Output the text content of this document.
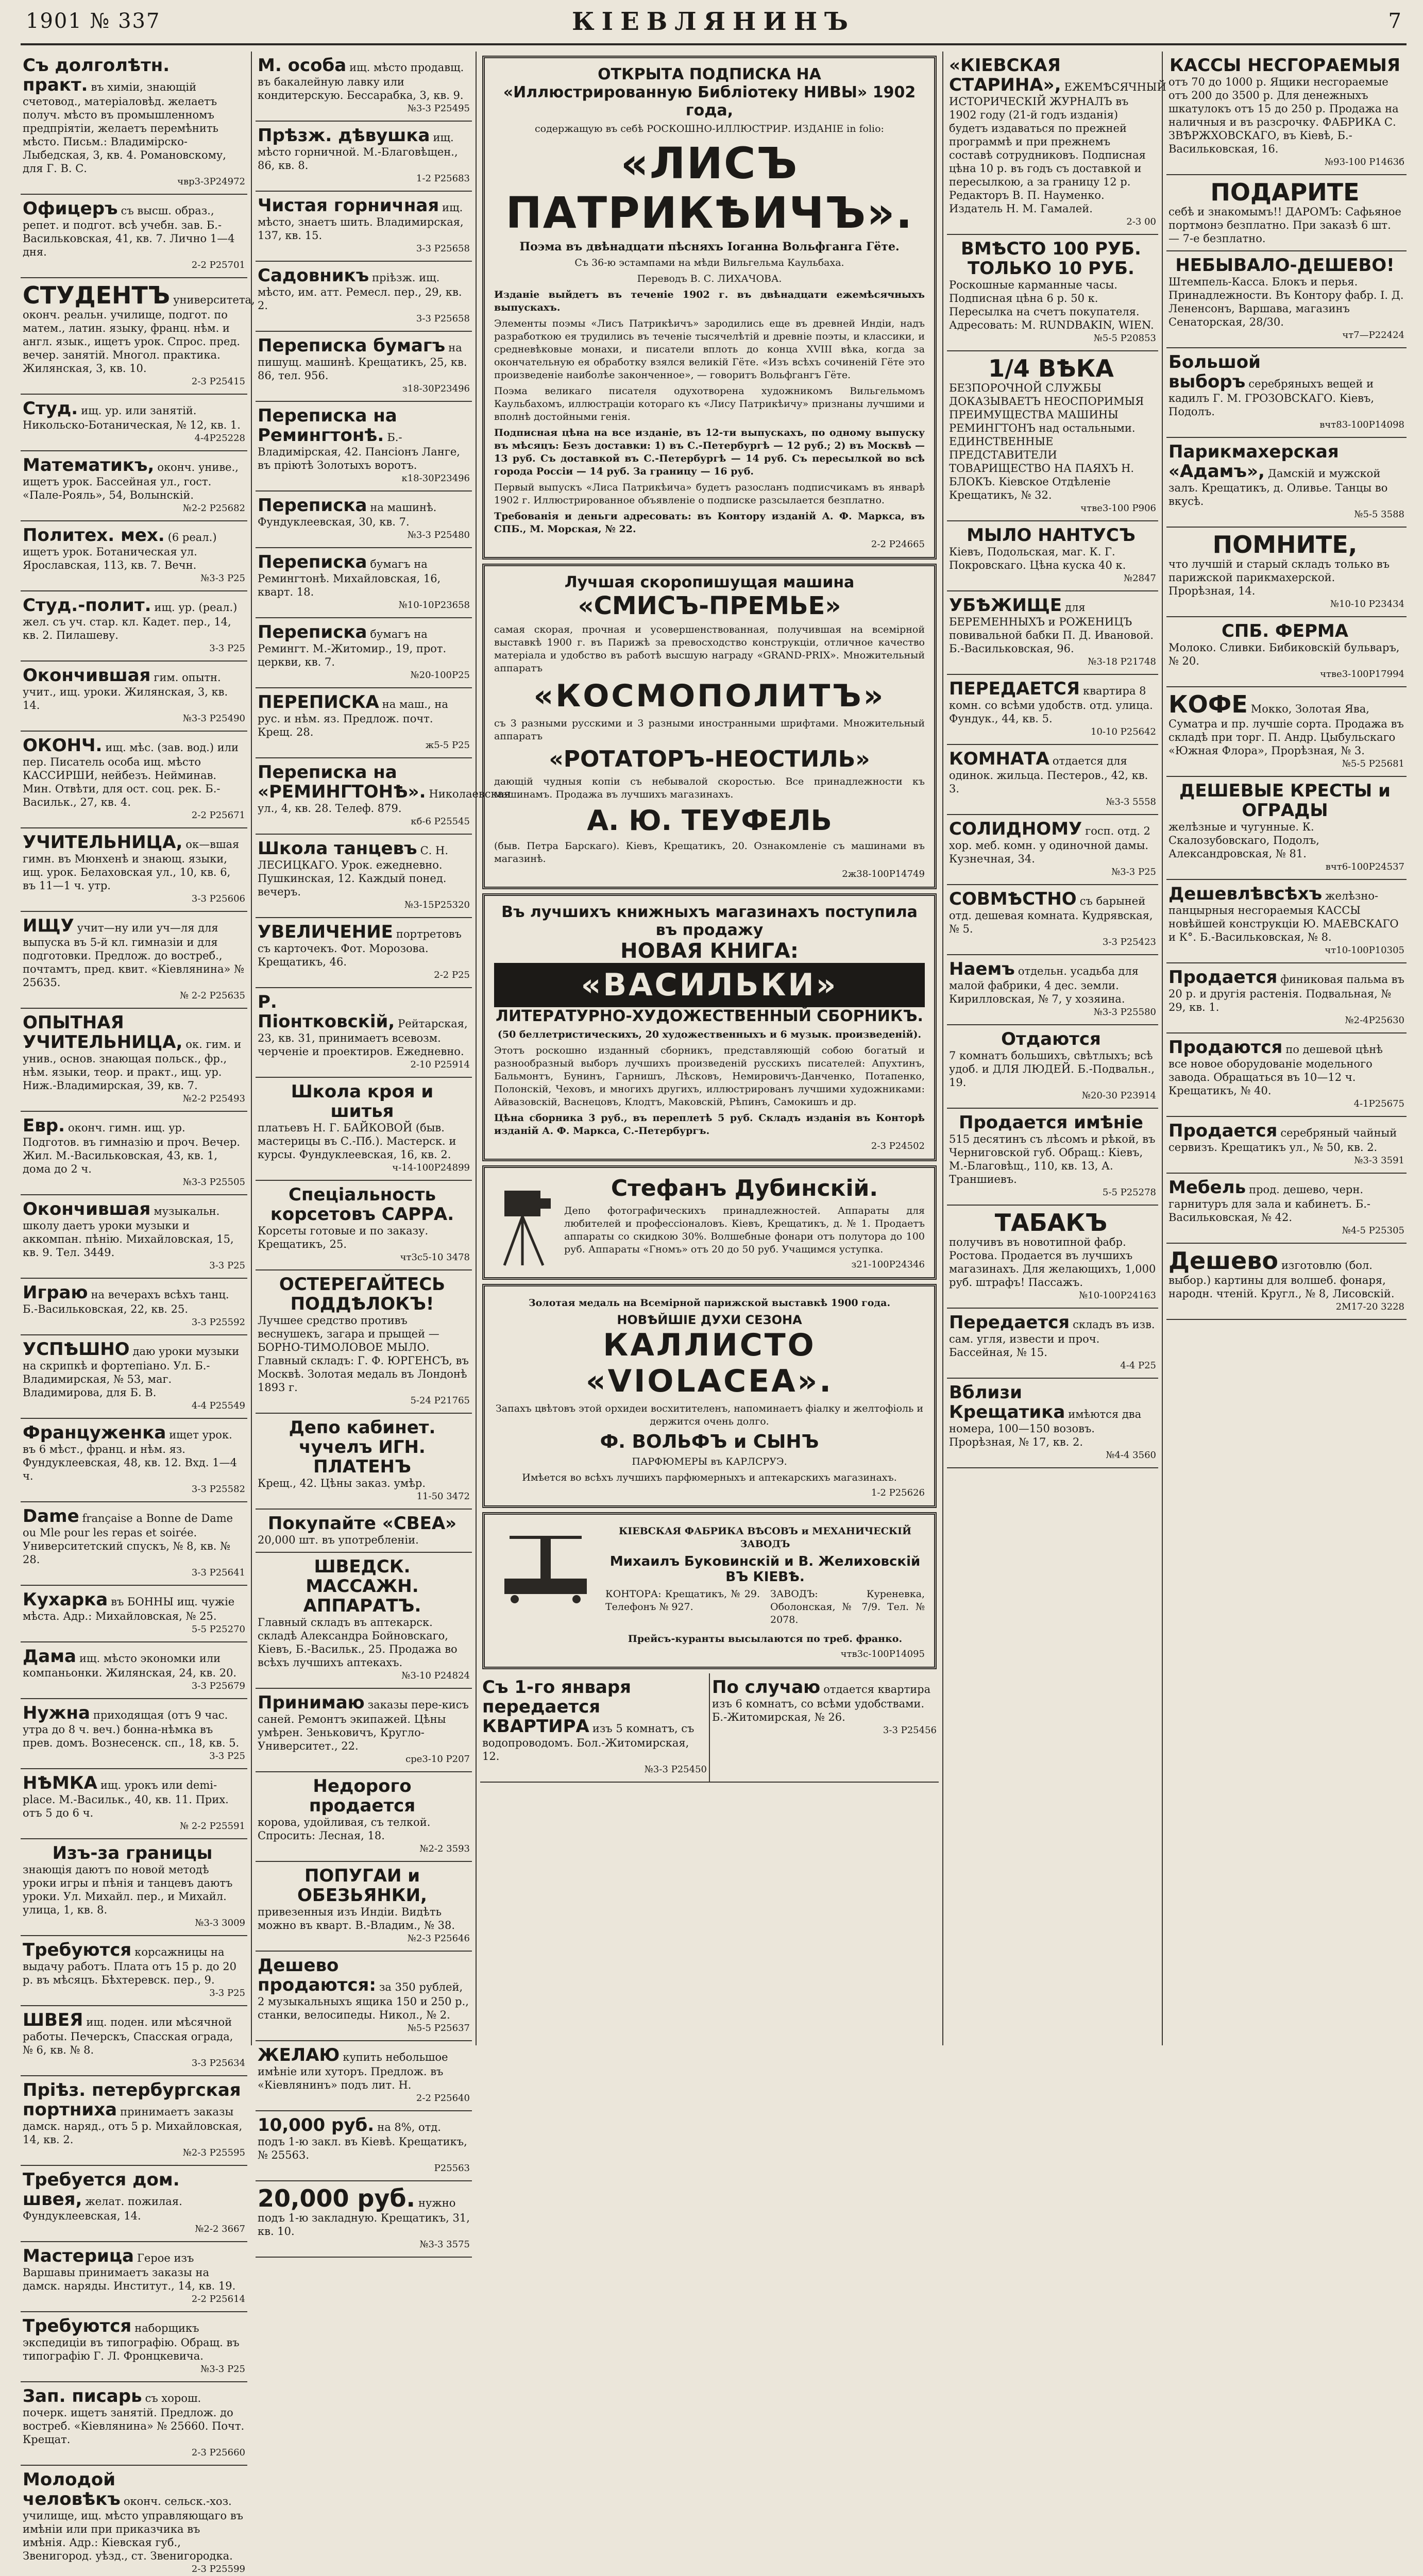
1901 № 337	КІЕВЛЯНИНЪ	7
Съ долголѣтн. практ. въ химіи, знающій счетовод., матеріаловѣд. желаетъ получ. мѣсто въ промышленномъ предпріятіи, желаетъ перемѣнить мѣсто. Письм.: Владимірско-Лыбедская, 3, кв. 4. Романовскому, для Г. В. С.
чвр3-3Р24972
Офицеръ съ высш. образ., репет. и подгот. всѣ учебн. зав. Б.-Васильковская, 41, кв. 7. Лично 1—4 дня.
2-2 Р25701
СТУДЕНТЪ университета, оконч. реальн. училище, подгот. по матем., латин. языку, франц. нѣм. и англ. язык., ищетъ урок. Спрос. пред. вечер. занятій. Многол. практика. Жилянская, 3, кв. 10.
2-3 Р25415
Студ. ищ. ур. или занятій. Никольско-Ботаническая, № 12, кв. 1.
4-4Р25228
Математикъ, оконч. униве., ищетъ урок. Бассейная ул., гост. «Пале-Рояль», 54, Волынскій.
№2-2 Р25682
Политех. мех. (6 реал.) ищетъ урок. Ботаническая ул. Ярославская, 113, кв. 7. Вечн.
№3-3 Р25
Студ.-полит. ищ. ур. (реал.) жел. съ уч. стар. кл. Кадет. пер., 14, кв. 2. Пилашеву.
3-3 Р25
Окончившая гим. опытн. учит., ищ. уроки. Жилянская, 3, кв. 14.
№3-3 Р25490
ОКОНЧ. ищ. мѣс. (зав. вод.) или пер. Писатель особа ищ. мѣсто КАССИРШИ, нейбезъ. Нейминав. Мин. Отвѣти, для ост. соц. рек. Б.-Васильк., 27, кв. 4.
2-2 Р25671
УЧИТЕЛЬНИЦА, ок—вшая гимн. въ Мюнхенѣ и знающ. языки, ищ. урок. Белаховская ул., 10, кв. 6, въ 11—1 ч. утр.
3-3 Р25606
ИЩУ учит—ну или уч—ля для выпуска въ 5-й кл. гимназіи и для подготовки. Предлож. до востреб., почтамтъ, пред. квит. «Кіевлянина» № 25635.
№ 2-2 Р25635
ОПЫТНАЯ УЧИТЕЛЬНИЦА, ок. гим. и унив., основ. знающая польск., фр., нѣм. языки, теор. и практ., ищ. ур. Ниж.-Владимирская, 39, кв. 7.
№2-2 Р25493
Евр. оконч. гимн. ищ. ур. Подготов. въ гимназію и проч. Вечер. Жил. М.-Васильковская, 43, кв. 1, дома до 2 ч.
№3-3 Р25505
Окончившая музыкальн. школу даетъ уроки музыки и аккомпан. пѣнію. Михайловская, 15, кв. 9. Тел. 3449.
3-3 Р25
Играю на вечерахъ всѣхъ танц. Б.-Васильковская, 22, кв. 25.
3-3 Р25592
УСПѢШНО даю уроки музыки на скрипкѣ и фортепіано. Ул. Б.-Владимирская, № 53, маг. Владимирова, для Б. В.
4-4 Р25549
Француженка ищет урок. въ 6 мѣст., франц. и нѣм. яз. Фундуклеевская, 48, кв. 12. Вхд. 1—4 ч.
3-3 Р25582
Dame française a Bonne de Dame ou Mle pour les repas et soirée. Университетский спускъ, № 8, кв. № 28.
3-3 Р25641
Кухарка въ БОННЫ ищ. чужіе мѣста. Адр.: Михайловская, № 25.
5-5 Р25270
Дама ищ. мѣсто экономки или компаньонки. Жилянская, 24, кв. 20.
3-3 Р25679
Нужна приходящая (отъ 9 час. утра до 8 ч. веч.) бонна-нѣмка въ прев. домъ. Вознесенск. сп., 18, кв. 5.
3-3 Р25
НѢМКА ищ. урокъ или demi-place. М.-Васильк., 40, кв. 11. Прих. отъ 5 до 6 ч.
№ 2-2 Р25591
Изъ-за границы
знающія даютъ по новой методѣ уроки игры и пѣнія и танцевъ даютъ уроки. Ул. Михайл. пер., и Михайл. улица, 1, кв. 8.
№3-3 3009
Требуются корсажницы на выдачу работъ. Плата отъ 15 р. до 20 р. въ мѣсяцъ. Бѣхтеревск. пер., 9.
3-3 Р25
ШВЕЯ ищ. поден. или мѣсячной работы. Печерскъ, Спасская ограда, № 6, кв. № 8.
3-3 Р25634
Пріѣз. петербургская портниха принимаетъ заказы дамск. наряд., отъ 5 р. Михайловская, 14, кв. 2.
№2-3 Р25595
Требуется дом. швея, желат. пожилая. Фундуклеевская, 14.
№2-2 3667
Мастерица Герое изъ Варшавы принимаетъ заказы на дамск. наряды. Институт., 14, кв. 19.
2-2 Р25614
Требуются наборщикъ экспедиціи въ типографію. Обращ. въ типографію Г. Л. Фронцкевича.
№3-3 Р25
Зап. писарь съ хорош. почерк. ищетъ занятій. Предлож. до востреб. «Кіевлянина» № 25660. Почт. Крещат.
2-3 Р25660
Молодой человѣкъ оконч. сельск.-хоз. училище, ищ. мѣсто управляющаго въ имѣніи или при приказчика въ имѣнія. Адр.: Кіевская губ., Звенигород. уѣзд., ст. Звенигородка.
2-3 Р25599
М. особа ищ. мѣсто продавщ. въ бакалейную лавку или кондитерскую. Бессарабка, 3, кв. 9.
№3-3 Р25495
Прѣзж. дѣвушка ищ. мѣсто горничной. М.-Благовѣщен., 86, кв. 8.
1-2 Р25683
Чистая горничная ищ. мѣсто, знаетъ шить. Владимирская, 137, кв. 15.
3-3 Р25658
Садовникъ пріѣзж. ищ. мѣсто, им. атт. Ремесл. пер., 29, кв. 2.
3-3 Р25658
Переписка бумагъ на пишущ. машинѣ. Крещатикъ, 25, кв. 86, тел. 956.
з18-30Р23496
Переписка на Ремингтонѣ. Б.-Владимірская, 42. Пансіонъ Ланге, въ пріютѣ Золотыхъ воротъ.
к18-30Р23496
Переписка на машинѣ. Фундуклеевская, 30, кв. 7.
№3-3 Р25480
Переписка бумагъ на Ремингтонѣ. Михайловская, 16, кварт. 18.
№10-10Р23658
Переписка бумагъ на Ремингт. М.-Житомир., 19, прот. церкви, кв. 7.
№20-100Р25
ПЕРЕПИСКА на маш., на рус. и нѣм. яз. Предлож. почт. Крещ. 28.
ж5-5 Р25
Переписка на «РЕМИНГТОНѢ». Николаевская ул., 4, кв. 28. Телеф. 879.
кб-6 Р25545
Школа танцевъ С. Н. ЛЕСИЦКАГО. Урок. ежедневно. Пушкинская, 12. Каждый понед. вечеръ.
№3-15Р25320
УВЕЛИЧЕНИЕ портретовъ съ карточекъ. Фот. Морозова. Крещатикъ, 46.
2-2 Р25
Р. Піонтковскій, Рейтарская, 23, кв. 31, принимаетъ всевозм. черченіе и проектиров. Ежедневно.
2-10 Р25914
Школа кроя и шитья
платьевъ Н. Г. БАЙКОВОЙ (быв. мастерицы въ С.-Пб.). Мастерск. и курсы. Фундуклеевская, 16, кв. 2.
ч-14-100Р24899
Спеціальность корсетовъ САРРА.
Корсеты готовые и по заказу. Крещатикъ, 25.
чт3с5-10 3478
ОСТЕРЕГАЙТЕСЬ ПОДДѢЛОКЪ!
Лучшее средство противъ веснушекъ, загара и прыщей — БОРНО-ТИМОЛОВОЕ МЫЛО. Главный складъ: Г. Ф. ЮРГЕНСЪ, въ Москвѣ. Золотая медаль въ Лондонѣ 1893 г.
5-24 Р21765
Депо кабинет. чучелъ ИГН. ПЛАТЕНЪ
Крещ., 42. Цѣны заказ. умѣр.
11-50 3472
Покупайте «СВЕА»
20,000 шт. въ употребленіи.
ШВЕДСК. МАССАЖН. АППАРАТЪ.
Главный складъ въ аптекарск. складѣ Александра Бойновскаго, Кіевъ, Б.-Васильк., 25. Продажа во всѣхъ лучшихъ аптекахъ.
№3-10 Р24824
Принимаю заказы пере-кисъ саней. Ремонтъ экипажей. Цѣны умѣрен. Зеньковичъ, Кругло-Университет., 22.
сре3-10 Р207
Недорого продается
корова, удойливая, съ телкой. Спросить: Лесная, 18.
№2-2 3593
ПОПУГАИ и ОБЕЗЬЯНКИ,
привезенныя изъ Индіи. Видѣть можно въ кварт. В.-Владим., № 38.
№2-3 Р25646
Дешево продаются: за 350 рублей, 2 музыкальныхъ ящика 150 и 250 р., станки, велосипеды. Никол., № 2.
№5-5 Р25637
ЖЕЛАЮ купить небольшое имѣніе или хуторъ. Предлож. въ «Кіевлянинъ» подъ лит. Н.
2-2 Р25640
10,000 руб. на 8%, отд. подъ 1-ю закл. въ Кіевѣ. Крещатикъ, № 25563.
Р25563
20,000 руб. нужно подъ 1-ю закладную. Крещатикъ, 31, кв. 10.
№3-3 3575
ОТКРЫТА ПОДПИСКА НА
«Иллюстрированную Библіотеку НИВЫ» 1902 года,
содержащую въ себѣ РОСКОШНО-ИЛЛЮСТРИР. ИЗДАНІЕ in folio:
«ЛИСЪ ПАТРИКѢИЧЪ».
Поэма въ двѣнадцати пѣсняхъ Іоганна Вольфганга Гёте.
Съ 36-ю эстампами на мѣди Вильгельма Каульбаха.
Переводъ В. С. ЛИХАЧОВА.
Изданіе выйдетъ въ теченіе 1902 г. въ двѣнадцати ежемѣсячныхъ выпускахъ.
Элементы поэмы «Лисъ Патрикѣичъ» зародились еще въ древней Индіи, надъ разработкою ея трудились въ теченіе тысячелѣтій и древніе поэты, и классики, и средневѣковые монахи, и писатели вплоть до конца XVIII вѣка, когда за окончательную ея обработку взялся великій Гёте. «Изъ всѣхъ сочиненій Гёте это произведеніе наиболѣе законченное», — говоритъ Вольфгангъ Гёте.
Поэма великаго писателя одухотворена художникомъ Вильгельмомъ Каульбахомъ, иллюстраціи котораго къ «Лису Патрикѣичу» признаны лучшими и вполнѣ достойными генія.
Подписная цѣна на все изданіе, въ 12-ти выпускахъ, по одному выпуску въ мѣсяцъ: Безъ доставки: 1) въ С.-Петербургѣ — 12 руб.; 2) въ Москвѣ — 13 руб. Съ доставкой въ С.-Петербургѣ — 14 руб. Съ пересылкой во всѣ города Россіи — 14 руб. За границу — 16 руб.
Первый выпускъ «Лиса Патрикѣича» будетъ разосланъ подписчикамъ въ январѣ 1902 г. Иллюстрированное объявленіе о подписке разсылается безплатно.
Требованія и деньги адресовать: въ Контору изданій А. Ф. Маркса, въ СПБ., М. Морская, № 22.
2-2 Р24665
Лучшая скоропишущая машина
«СМИСЪ-ПРЕМЬЕ»
самая скорая, прочная и усовершенствованная, получившая на всемірной выставкѣ 1900 г. въ Парижѣ за превосходство конструкціи, отличное качество матеріала и удобство въ работѣ высшую награду «GRAND-PRIX». Множительный аппаратъ
«КОСМОПОЛИТЪ»
съ 3 разными русскими и 3 разными иностранными шрифтами. Множительный аппаратъ
«РОТАТОРЪ-НЕОСТИЛЬ»
дающій чудныя копіи съ небывалой скоростью. Все принадлежности къ машинамъ. Продажа въ лучшихъ магазинахъ.
А. Ю. ТЕУФЕЛЬ
(быв. Петра Барскаго). Кіевъ, Крещатикъ, 20. Ознакомленіе съ машинами въ магазинѣ.
2ж38-100Р14749
Въ лучшихъ книжныхъ магазинахъ поступила въ продажу
НОВАЯ КНИГА:
«ВАСИЛЬКИ»
ЛИТЕРАТУРНО-ХУДОЖЕСТВЕННЫЙ СБОРНИКЪ.
(50 беллетристическихъ, 20 художественныхъ и 6 музык. произведеній).
Этотъ роскошно изданный сборникъ, представляющій собою богатый и разнообразный выборъ лучшихъ произведеній русскихъ писателей: Апухтинъ, Бальмонтъ, Бунинъ, Гарнишъ, Лѣсковъ, Немировичъ-Данченко, Потапенко, Полонскій, Чеховъ, и многихъ другихъ, иллюстрированъ лучшими художниками: Айвазовскій, Васнецовъ, Клодтъ, Маковскій, Рѣпинъ, Самокишъ и др.
Цѣна сборника 3 руб., въ переплетѣ 5 руб. Складъ изданія въ Конторѣ изданій А. Ф. Маркса, С.-Петербургъ.
2-3 Р24502
Стефанъ Дубинскій.
Депо фотографическихъ принадлежностей. Аппараты для любителей и профессіоналовъ. Кіевъ, Крещатикъ, д. № 1. Продаетъ аппараты со скидкою 30%. Волшебные фонари отъ полутора до 100 руб. Аппараты «Гномъ» отъ 20 до 50 руб. Учащимся уступка.
з21-100Р24346
Золотая медаль на Всемірной парижской выставкѣ 1900 года.
НОВѢЙШІЕ ДУХИ СЕЗОНА
КАЛЛИСТО «VIOLACEA».
Запахъ цвѣтовъ этой орхидеи восхитителенъ, напоминаетъ фіалку и желтофіоль и держится очень долго.
Ф. ВОЛЬФЪ и СЫНЪ
ПАРФЮМЕРЫ въ КАРЛСРУЭ.
Имѣется во всѣхъ лучшихъ парфюмерныхъ и аптекарскихъ магазинахъ.
1-2 Р25626
КІЕВСКАЯ ФАБРИКА ВѢСОВЪ и МЕХАНИЧЕСКІЙ ЗАВОДЪ
Михаилъ Буковинскій и В. Желиховскій
ВЪ КІЕВѢ.
КОНТОРА: Крещатикъ, № 29. Телефонъ № 927.
ЗАВОДЪ: Куреневка, Оболонская, № 7/9. Тел. № 2078.
Прейсъ-куранты высылаются по треб. франко.
чтв3с-100Р14095
Съ 1-го января передается КВАРТИРА изъ 5 комнатъ, съ водопроводомъ. Бол.-Житомирская, 12.
№3-3 Р25450
По случаю отдается квартира изъ 6 комнатъ, со всѣми удобствами. Б.-Житомирская, № 26.
3-3 Р25456
«КІЕВСКАЯ СТАРИНА», ЕЖЕМѢСЯЧНЫЙ ИСТОРИЧЕСКІЙ ЖУРНАЛЪ въ 1902 году (21-й годъ изданія) будетъ издаваться по прежней программѣ и при прежнемъ составѣ сотрудниковъ. Подписная цѣна 10 р. въ годъ съ доставкой и пересылкою, а за границу 12 р. Редакторъ В. П. Науменко. Издатель Н. М. Гамалей.
2-3 00
ВМѢСТО 100 РУБ. ТОЛЬКО 10 РУБ.
Роскошные карманные часы. Подписная цѣна 6 р. 50 к. Пересылка на счетъ покупателя. Адресовать: M. RUNDBAKIN, WIEN.
№5-5 Р20853
1/4 ВѢКА
БЕЗПОРОЧНОЙ СЛУЖБЫ ДОКАЗЫВАЕТЪ НЕОСПОРИМЫЯ ПРЕИМУЩЕСТВА МАШИНЫ РЕМИНГТОНЪ над остальными. ЕДИНСТВЕННЫЕ ПРЕДСТАВИТЕЛИ ТОВАРИЩЕСТВО НА ПАЯХЪ Н. БЛОКЪ. Кіевское Отдѣленіе Крещатикъ, № 32.
чтве3-100 Р906
МЫЛО НАНТУСЪ
Кіевъ, Подольская, маг. К. Г. Покровскаго. Цѣна куска 40 к.
№2847
УБѢЖИЩЕ для БЕРЕМЕННЫХЪ и РОЖЕНИЦЪ повивальной бабки П. Д. Ивановой. Б.-Васильковская, 96.
№3-18 Р21748
ПЕРЕДАЕТСЯ квартира 8 комн. со всѣми удобств. отд. улица. Фундук., 44, кв. 5.
10-10 Р25642
КОМНАТА отдается для одинок. жильца. Пестеров., 42, кв. 3.
№3-3 5558
СОЛИДНОМУ госп. отд. 2 хор. меб. комн. у одиночной дамы. Кузнечная, 34.
№3-3 Р25
СОВМѢСТНО съ барыней отд. дешевая комната. Кудрявская, № 5.
3-3 Р25423
Наемъ отдельн. усадьба для малой фабрики, 4 дес. земли. Кирилловская, № 7, у хозяина.
№3-3 Р25580
Отдаются
7 комнатъ большихъ, свѣтлыхъ; всѣ удоб. и ДЛЯ ЛЮДЕЙ. Б.-Подвальн., 19.
№20-30 Р23914
Продается имѣніе
515 десятинъ съ лѣсомъ и рѣкой, въ Черниговской губ. Обращ.: Кіевъ, М.-Благовѣщ., 110, кв. 13, А. Траншиевъ.
5-5 Р25278
ТАБАКЪ
получивъ въ новотипной фабр. Ростова. Продается въ лучшихъ магазинахъ. Для желающихъ, 1,000 руб. штрафъ! Пассажъ.
№10-100Р24163
Передается складъ въ изв. сам. угля, извести и проч. Бассейная, № 15.
4-4 Р25
Вблизи Крещатика имѣются два номера, 100—150 возовъ. Прорѣзная, № 17, кв. 2.
№4-4 3560
КАССЫ НЕСГОРАЕМЫЯ
отъ 70 до 1000 р. Ящики несгораемые отъ 200 до 3500 р. Для денежныхъ шкатулокъ отъ 15 до 250 р. Продажа на наличныя и въ разсрочку. ФАБРИКА С. ЗВѢРЖХОВСКАГО, въ Кіевѣ, Б.-Васильковская, 16.
№93-100 Р1463б
ПОДАРИТЕ
себѣ и знакомымъ!! ДАРОМЪ: Сафьяное портмонэ безплатно. При заказѣ 6 шт. — 7-е безплатно.
НЕБЫВАЛО-ДЕШЕВО!
Штемпель-Касса. Блокъ и перья. Принадлежности. Въ Контору фабр. І. Д. Лененсонъ, Варшава, магазинъ Сенаторская, 28/30.
чт7—Р22424
Большой выборъ серебряныхъ вещей и кадилъ Г. М. ГРОЗОВСКАГО. Кіевъ, Подолъ.
вчт83-100Р14098
Парикмахерская «Адамъ», Дамскій и мужской залъ. Крещатикъ, д. Оливье. Танцы во вкусѣ.
№5-5 3588
ПОМНИТЕ,
что лучшій и старый складъ только въ парижской парикмахерской. Прорѣзная, 14.
№10-10 Р23434
СПБ. ФЕРМА
Молоко. Сливки. Бибиковскій бульваръ, № 20.
чтве3-100Р17994
КОФЕ Мокко, Золотая Ява, Суматра и пр. лучшіе сорта. Продажа въ складѣ при торг. П. Андр. Цыбульскаго «Южная Флора», Прорѣзная, № 3.
№5-5 Р25681
ДЕШЕВЫЕ КРЕСТЫ и ОГРАДЫ
желѣзные и чугунные. К. Скалозубовскаго, Подолъ, Александровская, № 81.
вчт6-100Р24537
Дешевлѣвсѣхъ желѣзно-панцырныя несгораемыя КАССЫ новѣйшей конструкціи Ю. МАЕВСКАГО и К°. Б.-Васильковская, № 8.
чт10-100Р10305
Продается финиковая пальма въ 20 р. и другія растенія. Подвальная, № 29, кв. 1.
№2-4Р25630
Продаются по дешевой цѣнѣ все новое оборудованіе модельного завода. Обращаться въ 10—12 ч. Крещатикъ, № 40.
4-1Р25675
Продается серебряный чайный сервизъ. Крещатикъ ул., № 50, кв. 2.
№3-3 3591
Мебель прод. дешево, черн. гарнитуръ для зала и кабинетъ. Б.-Васильковская, № 42.
№4-5 Р25305
Дешево изготовлю (бол. выбор.) картины для волшеб. фонаря, народн. чтеній. Кругл., № 8, Лисовскій.
2M17-20 3228
